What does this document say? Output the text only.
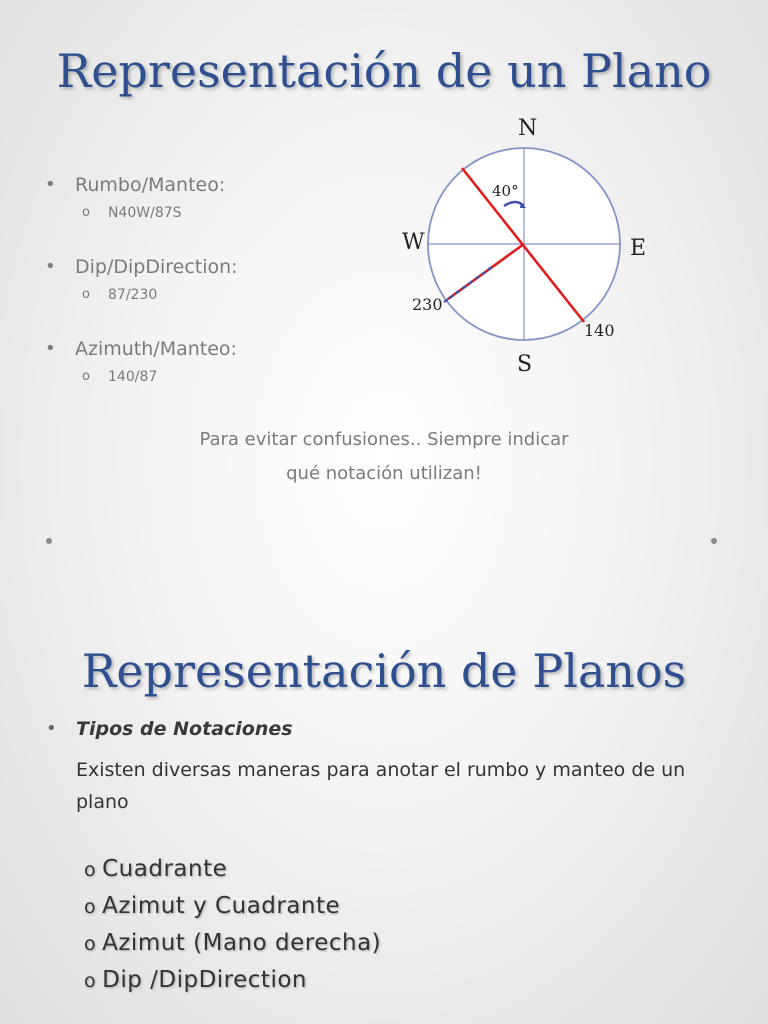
Representación de un Plano
• Rumbo/Manteo:
o N40W/87S
• Dip/DipDirection:
o 87/230
• Azimuth/Manteo:
o 140/87
N
S
E
W
40°
230
140
Para evitar confusiones.. Siempre indicar
qué notación utilizan!
Representación de Planos
• Tipos de Notaciones
Existen diversas maneras para anotar el rumbo y manteo de un plano
o Cuadrante
o Azimut y Cuadrante
o Azimut (Mano derecha)
o Dip /DipDirection
